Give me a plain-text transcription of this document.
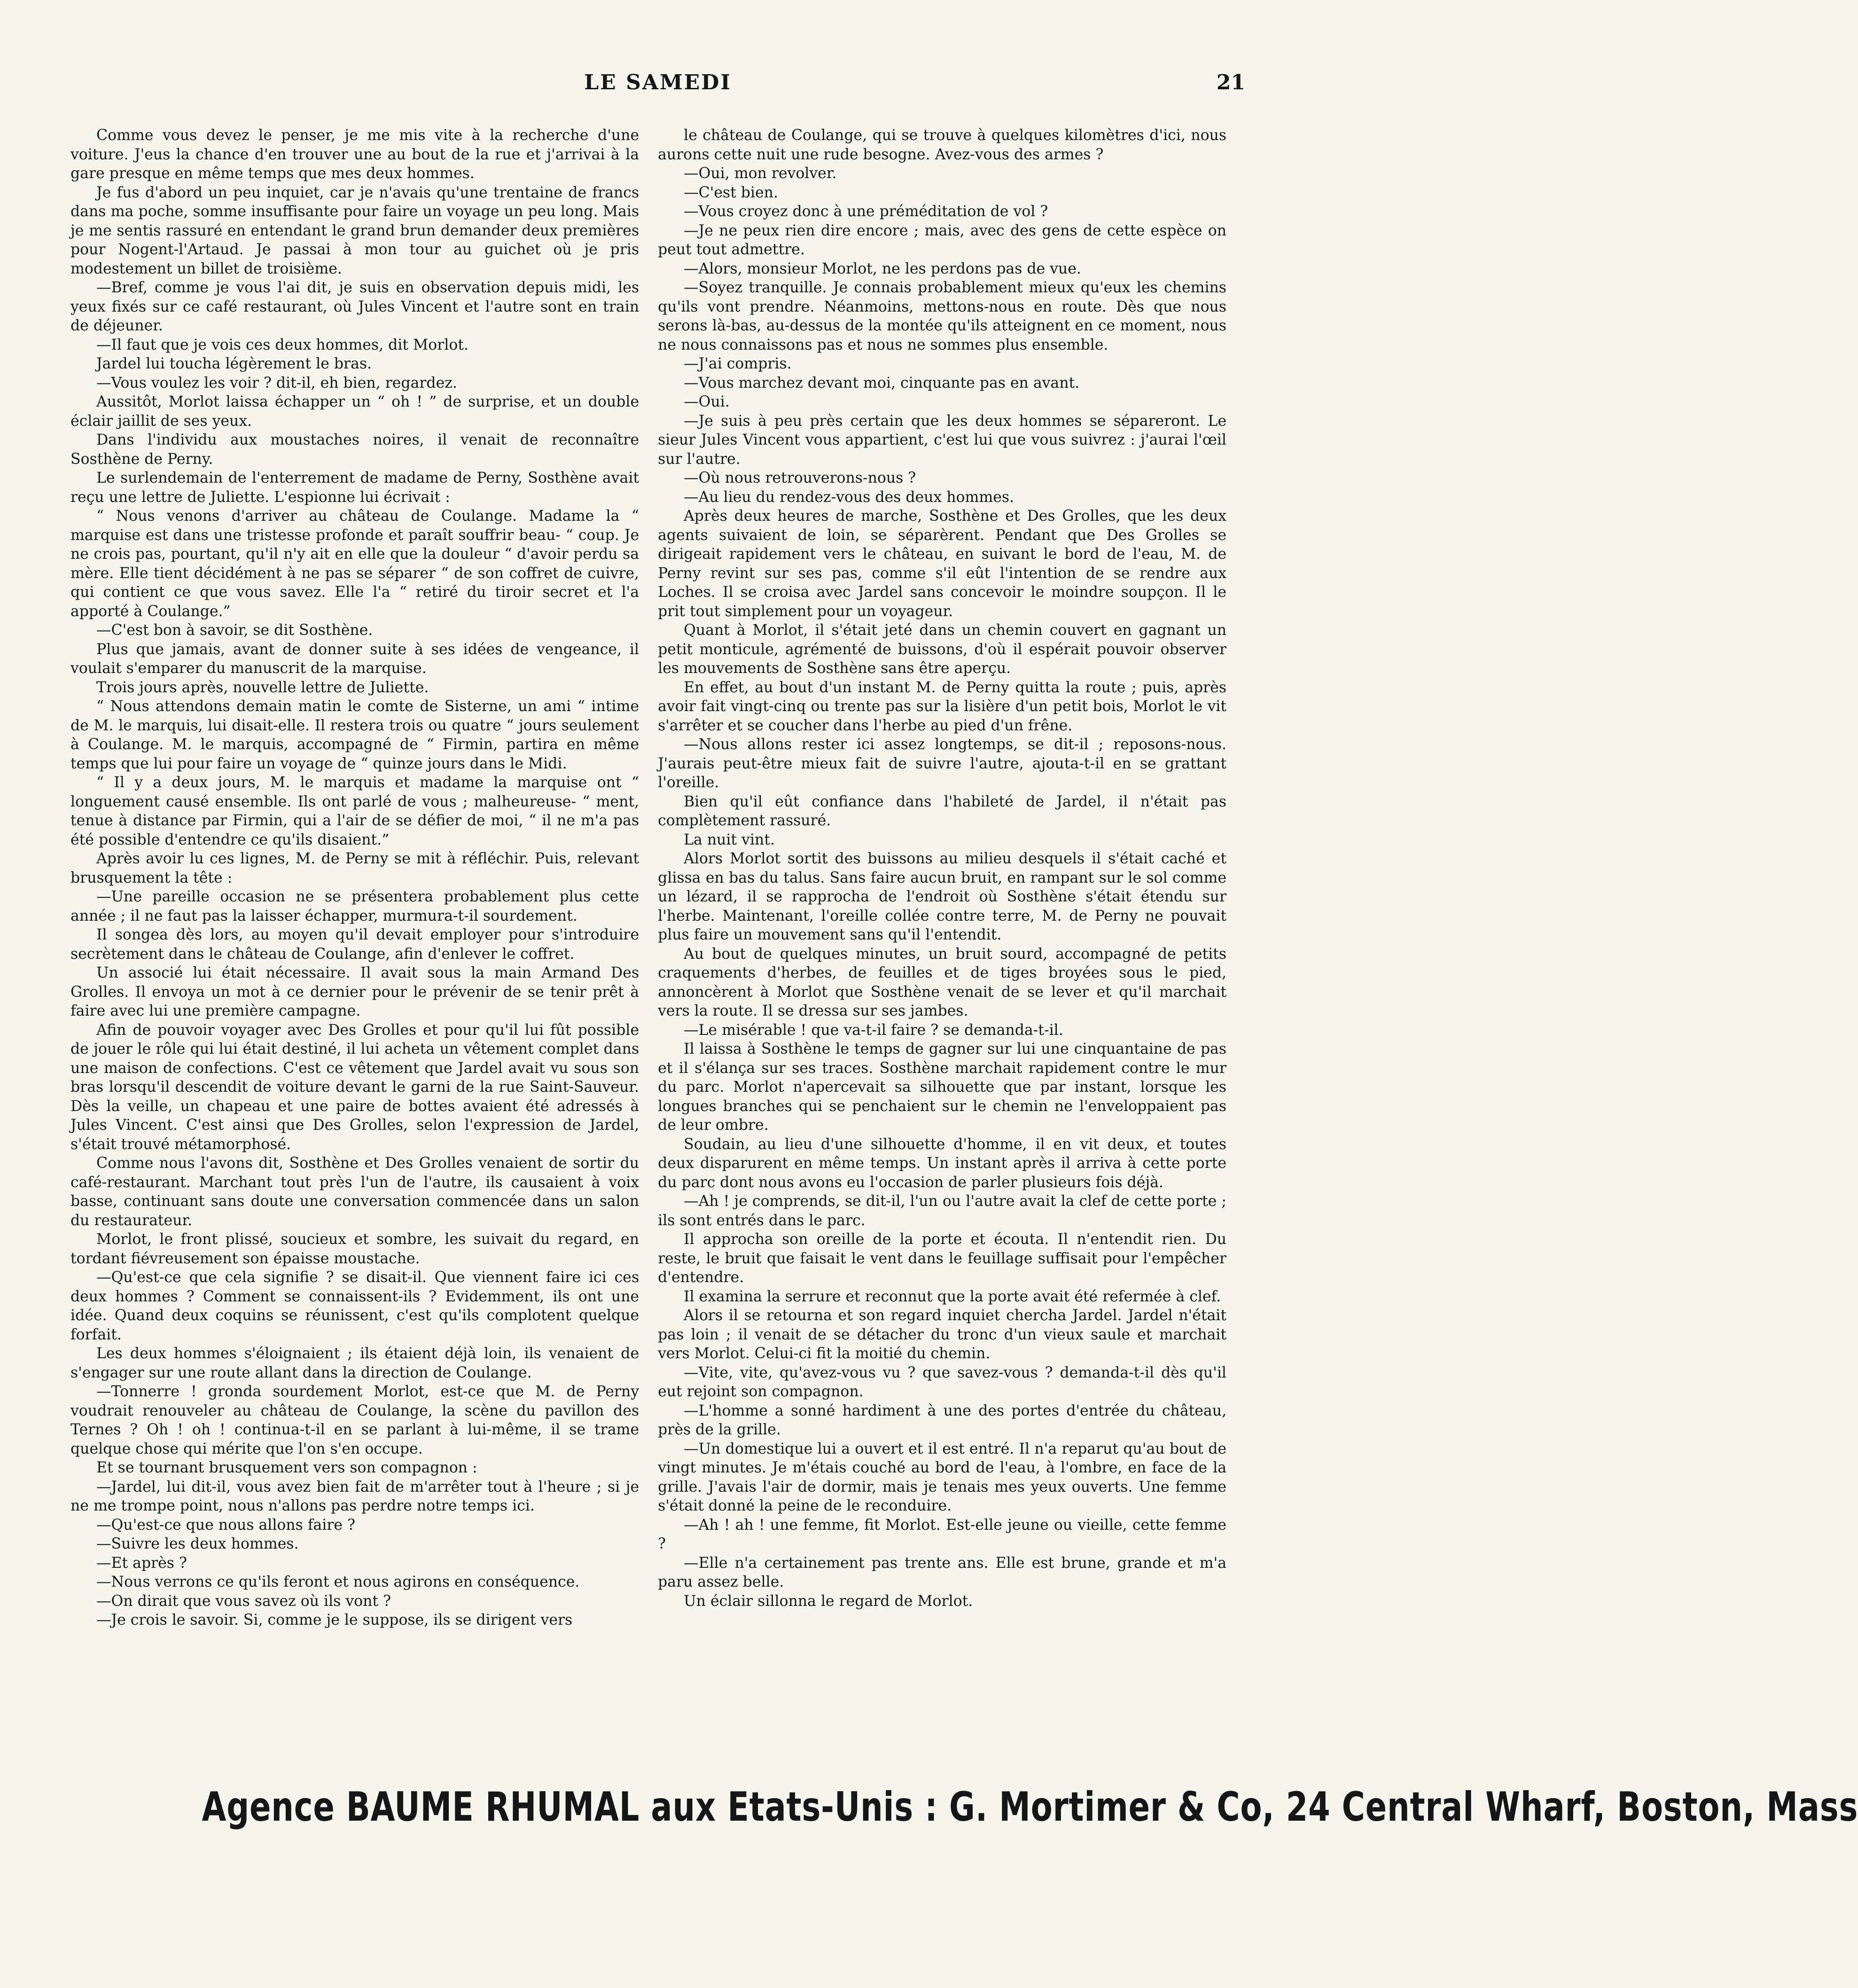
LE SAMEDI	21

Comme vous devez le penser, je me mis vite à la recherche d'une voiture. J'eus la chance d'en trouver une au bout de la rue et j'arrivai à la gare presque en même temps que mes deux hommes.

Je fus d'abord un peu inquiet, car je n'avais qu'une trentaine de francs dans ma poche, somme insuffisante pour faire un voyage un peu long. Mais je me sentis rassuré en entendant le grand brun demander deux premières pour Nogent-l'Artaud. Je passai à mon tour au guichet où je pris modestement un billet de troisième.

—Bref, comme je vous l'ai dit, je suis en observation depuis midi, les yeux fixés sur ce café restaurant, où Jules Vincent et l'autre sont en train de déjeuner.

—Il faut que je vois ces deux hommes, dit Morlot.

Jardel lui toucha légèrement le bras.

—Vous voulez les voir ? dit-il, eh bien, regardez.

Aussitôt, Morlot laissa échapper un “ oh ! ” de surprise, et un double éclair jaillit de ses yeux.

Dans l'individu aux moustaches noires, il venait de reconnaître Sosthène de Perny.

Le surlendemain de l'enterrement de madame de Perny, Sosthène avait reçu une lettre de Juliette. L'espionne lui écrivait :

“ Nous venons d'arriver au château de Coulange. Madame la “ marquise est dans une tristesse profonde et paraît souffrir beau- “ coup. Je ne crois pas, pourtant, qu'il n'y ait en elle que la douleur “ d'avoir perdu sa mère. Elle tient décidément à ne pas se séparer “ de son coffret de cuivre, qui contient ce que vous savez. Elle l'a “ retiré du tiroir secret et l'a apporté à Coulange.”

—C'est bon à savoir, se dit Sosthène.

Plus que jamais, avant de donner suite à ses idées de vengeance, il voulait s'emparer du manuscrit de la marquise.

Trois jours après, nouvelle lettre de Juliette.

“ Nous attendons demain matin le comte de Sisterne, un ami “ intime de M. le marquis, lui disait-elle. Il restera trois ou quatre “ jours seulement à Coulange. M. le marquis, accompagné de “ Firmin, partira en même temps que lui pour faire un voyage de “ quinze jours dans le Midi.

“ Il y a deux jours, M. le marquis et madame la marquise ont “ longuement causé ensemble. Ils ont parlé de vous ; malheureuse- “ ment, tenue à distance par Firmin, qui a l'air de se défier de moi, “ il ne m'a pas été possible d'entendre ce qu'ils disaient.”

Après avoir lu ces lignes, M. de Perny se mit à réfléchir. Puis, relevant brusquement la tête :

—Une pareille occasion ne se présentera probablement plus cette année ; il ne faut pas la laisser échapper, murmura-t-il sourdement.

Il songea dès lors, au moyen qu'il devait employer pour s'introduire secrètement dans le château de Coulange, afin d'enlever le coffret.

Un associé lui était nécessaire. Il avait sous la main Armand Des Grolles. Il envoya un mot à ce dernier pour le prévenir de se tenir prêt à faire avec lui une première campagne.

Afin de pouvoir voyager avec Des Grolles et pour qu'il lui fût possible de jouer le rôle qui lui était destiné, il lui acheta un vêtement complet dans une maison de confections. C'est ce vêtement que Jardel avait vu sous son bras lorsqu'il descendit de voiture devant le garni de la rue Saint-Sauveur. Dès la veille, un chapeau et une paire de bottes avaient été adressés à Jules Vincent. C'est ainsi que Des Grolles, selon l'expression de Jardel, s'était trouvé métamorphosé.

Comme nous l'avons dit, Sosthène et Des Grolles venaient de sortir du café-restaurant. Marchant tout près l'un de l'autre, ils causaient à voix basse, continuant sans doute une conversation commencée dans un salon du restaurateur.

Morlot, le front plissé, soucieux et sombre, les suivait du regard, en tordant fiévreusement son épaisse moustache.

—Qu'est-ce que cela signifie ? se disait-il. Que viennent faire ici ces deux hommes ? Comment se connaissent-ils ? Evidemment, ils ont une idée. Quand deux coquins se réunissent, c'est qu'ils complotent quelque forfait.

Les deux hommes s'éloignaient ; ils étaient déjà loin, ils venaient de s'engager sur une route allant dans la direction de Coulange.

—Tonnerre ! gronda sourdement Morlot, est-ce que M. de Perny voudrait renouveler au château de Coulange, la scène du pavillon des Ternes ? Oh ! oh ! continua-t-il en se parlant à lui-même, il se trame quelque chose qui mérite que l'on s'en occupe.

Et se tournant brusquement vers son compagnon :

—Jardel, lui dit-il, vous avez bien fait de m'arrêter tout à l'heure ; si je ne me trompe point, nous n'allons pas perdre notre temps ici.

—Qu'est-ce que nous allons faire ?

—Suivre les deux hommes.

—Et après ?

—Nous verrons ce qu'ils feront et nous agirons en conséquence.

—On dirait que vous savez où ils vont ?

—Je crois le savoir. Si, comme je le suppose, ils se dirigent vers

le château de Coulange, qui se trouve à quelques kilomètres d'ici, nous aurons cette nuit une rude besogne. Avez-vous des armes ?

—Oui, mon revolver.

—C'est bien.

—Vous croyez donc à une préméditation de vol ?

—Je ne peux rien dire encore ; mais, avec des gens de cette espèce on peut tout admettre.

—Alors, monsieur Morlot, ne les perdons pas de vue.

—Soyez tranquille. Je connais probablement mieux qu'eux les chemins qu'ils vont prendre. Néanmoins, mettons-nous en route. Dès que nous serons là-bas, au-dessus de la montée qu'ils atteignent en ce moment, nous ne nous connaissons pas et nous ne sommes plus ensemble.

—J'ai compris.

—Vous marchez devant moi, cinquante pas en avant.

—Oui.

—Je suis à peu près certain que les deux hommes se sépareront. Le sieur Jules Vincent vous appartient, c'est lui que vous suivrez : j'aurai l'œil sur l'autre.

—Où nous retrouverons-nous ?

—Au lieu du rendez-vous des deux hommes.

Après deux heures de marche, Sosthène et Des Grolles, que les deux agents suivaient de loin, se séparèrent. Pendant que Des Grolles se dirigeait rapidement vers le château, en suivant le bord de l'eau, M. de Perny revint sur ses pas, comme s'il eût l'intention de se rendre aux Loches. Il se croisa avec Jardel sans concevoir le moindre soupçon. Il le prit tout simplement pour un voyageur.

Quant à Morlot, il s'était jeté dans un chemin couvert en gagnant un petit monticule, agrémenté de buissons, d'où il espérait pouvoir observer les mouvements de Sosthène sans être aperçu.

En effet, au bout d'un instant M. de Perny quitta la route ; puis, après avoir fait vingt-cinq ou trente pas sur la lisière d'un petit bois, Morlot le vit s'arrêter et se coucher dans l'herbe au pied d'un frêne.

—Nous allons rester ici assez longtemps, se dit-il ; reposons-nous. J'aurais peut-être mieux fait de suivre l'autre, ajouta-t-il en se grattant l'oreille.

Bien qu'il eût confiance dans l'habileté de Jardel, il n'était pas complètement rassuré.

La nuit vint.

Alors Morlot sortit des buissons au milieu desquels il s'était caché et glissa en bas du talus. Sans faire aucun bruit, en rampant sur le sol comme un lézard, il se rapprocha de l'endroit où Sosthène s'était étendu sur l'herbe. Maintenant, l'oreille collée contre terre, M. de Perny ne pouvait plus faire un mouvement sans qu'il l'entendit.

Au bout de quelques minutes, un bruit sourd, accompagné de petits craquements d'herbes, de feuilles et de tiges broyées sous le pied, annoncèrent à Morlot que Sosthène venait de se lever et qu'il marchait vers la route. Il se dressa sur ses jambes.

—Le misérable ! que va-t-il faire ? se demanda-t-il.

Il laissa à Sosthène le temps de gagner sur lui une cinquantaine de pas et il s'élança sur ses traces. Sosthène marchait rapidement contre le mur du parc. Morlot n'apercevait sa silhouette que par instant, lorsque les longues branches qui se penchaient sur le chemin ne l'enveloppaient pas de leur ombre.

Soudain, au lieu d'une silhouette d'homme, il en vit deux, et toutes deux disparurent en même temps. Un instant après il arriva à cette porte du parc dont nous avons eu l'occasion de parler plusieurs fois déjà.

—Ah ! je comprends, se dit-il, l'un ou l'autre avait la clef de cette porte ; ils sont entrés dans le parc.

Il approcha son oreille de la porte et écouta. Il n'entendit rien. Du reste, le bruit que faisait le vent dans le feuillage suffisait pour l'empêcher d'entendre.

Il examina la serrure et reconnut que la porte avait été refermée à clef.

Alors il se retourna et son regard inquiet chercha Jardel. Jardel n'était pas loin ; il venait de se détacher du tronc d'un vieux saule et marchait vers Morlot. Celui-ci fit la moitié du chemin.

—Vite, vite, qu'avez-vous vu ? que savez-vous ? demanda-t-il dès qu'il eut rejoint son compagnon.

—L'homme a sonné hardiment à une des portes d'entrée du château, près de la grille.

—Un domestique lui a ouvert et il est entré. Il n'a reparut qu'au bout de vingt minutes. Je m'étais couché au bord de l'eau, à l'ombre, en face de la grille. J'avais l'air de dormir, mais je tenais mes yeux ouverts. Une femme s'était donné la peine de le reconduire.

—Ah ! ah ! une femme, fit Morlot. Est-elle jeune ou vieille, cette femme ?

—Elle n'a certainement pas trente ans. Elle est brune, grande et m'a paru assez belle.

Un éclair sillonna le regard de Morlot.

Agence BAUME RHUMAL aux Etats-Unis : G. Mortimer & Co, 24 Central Wharf, Boston, Mass
